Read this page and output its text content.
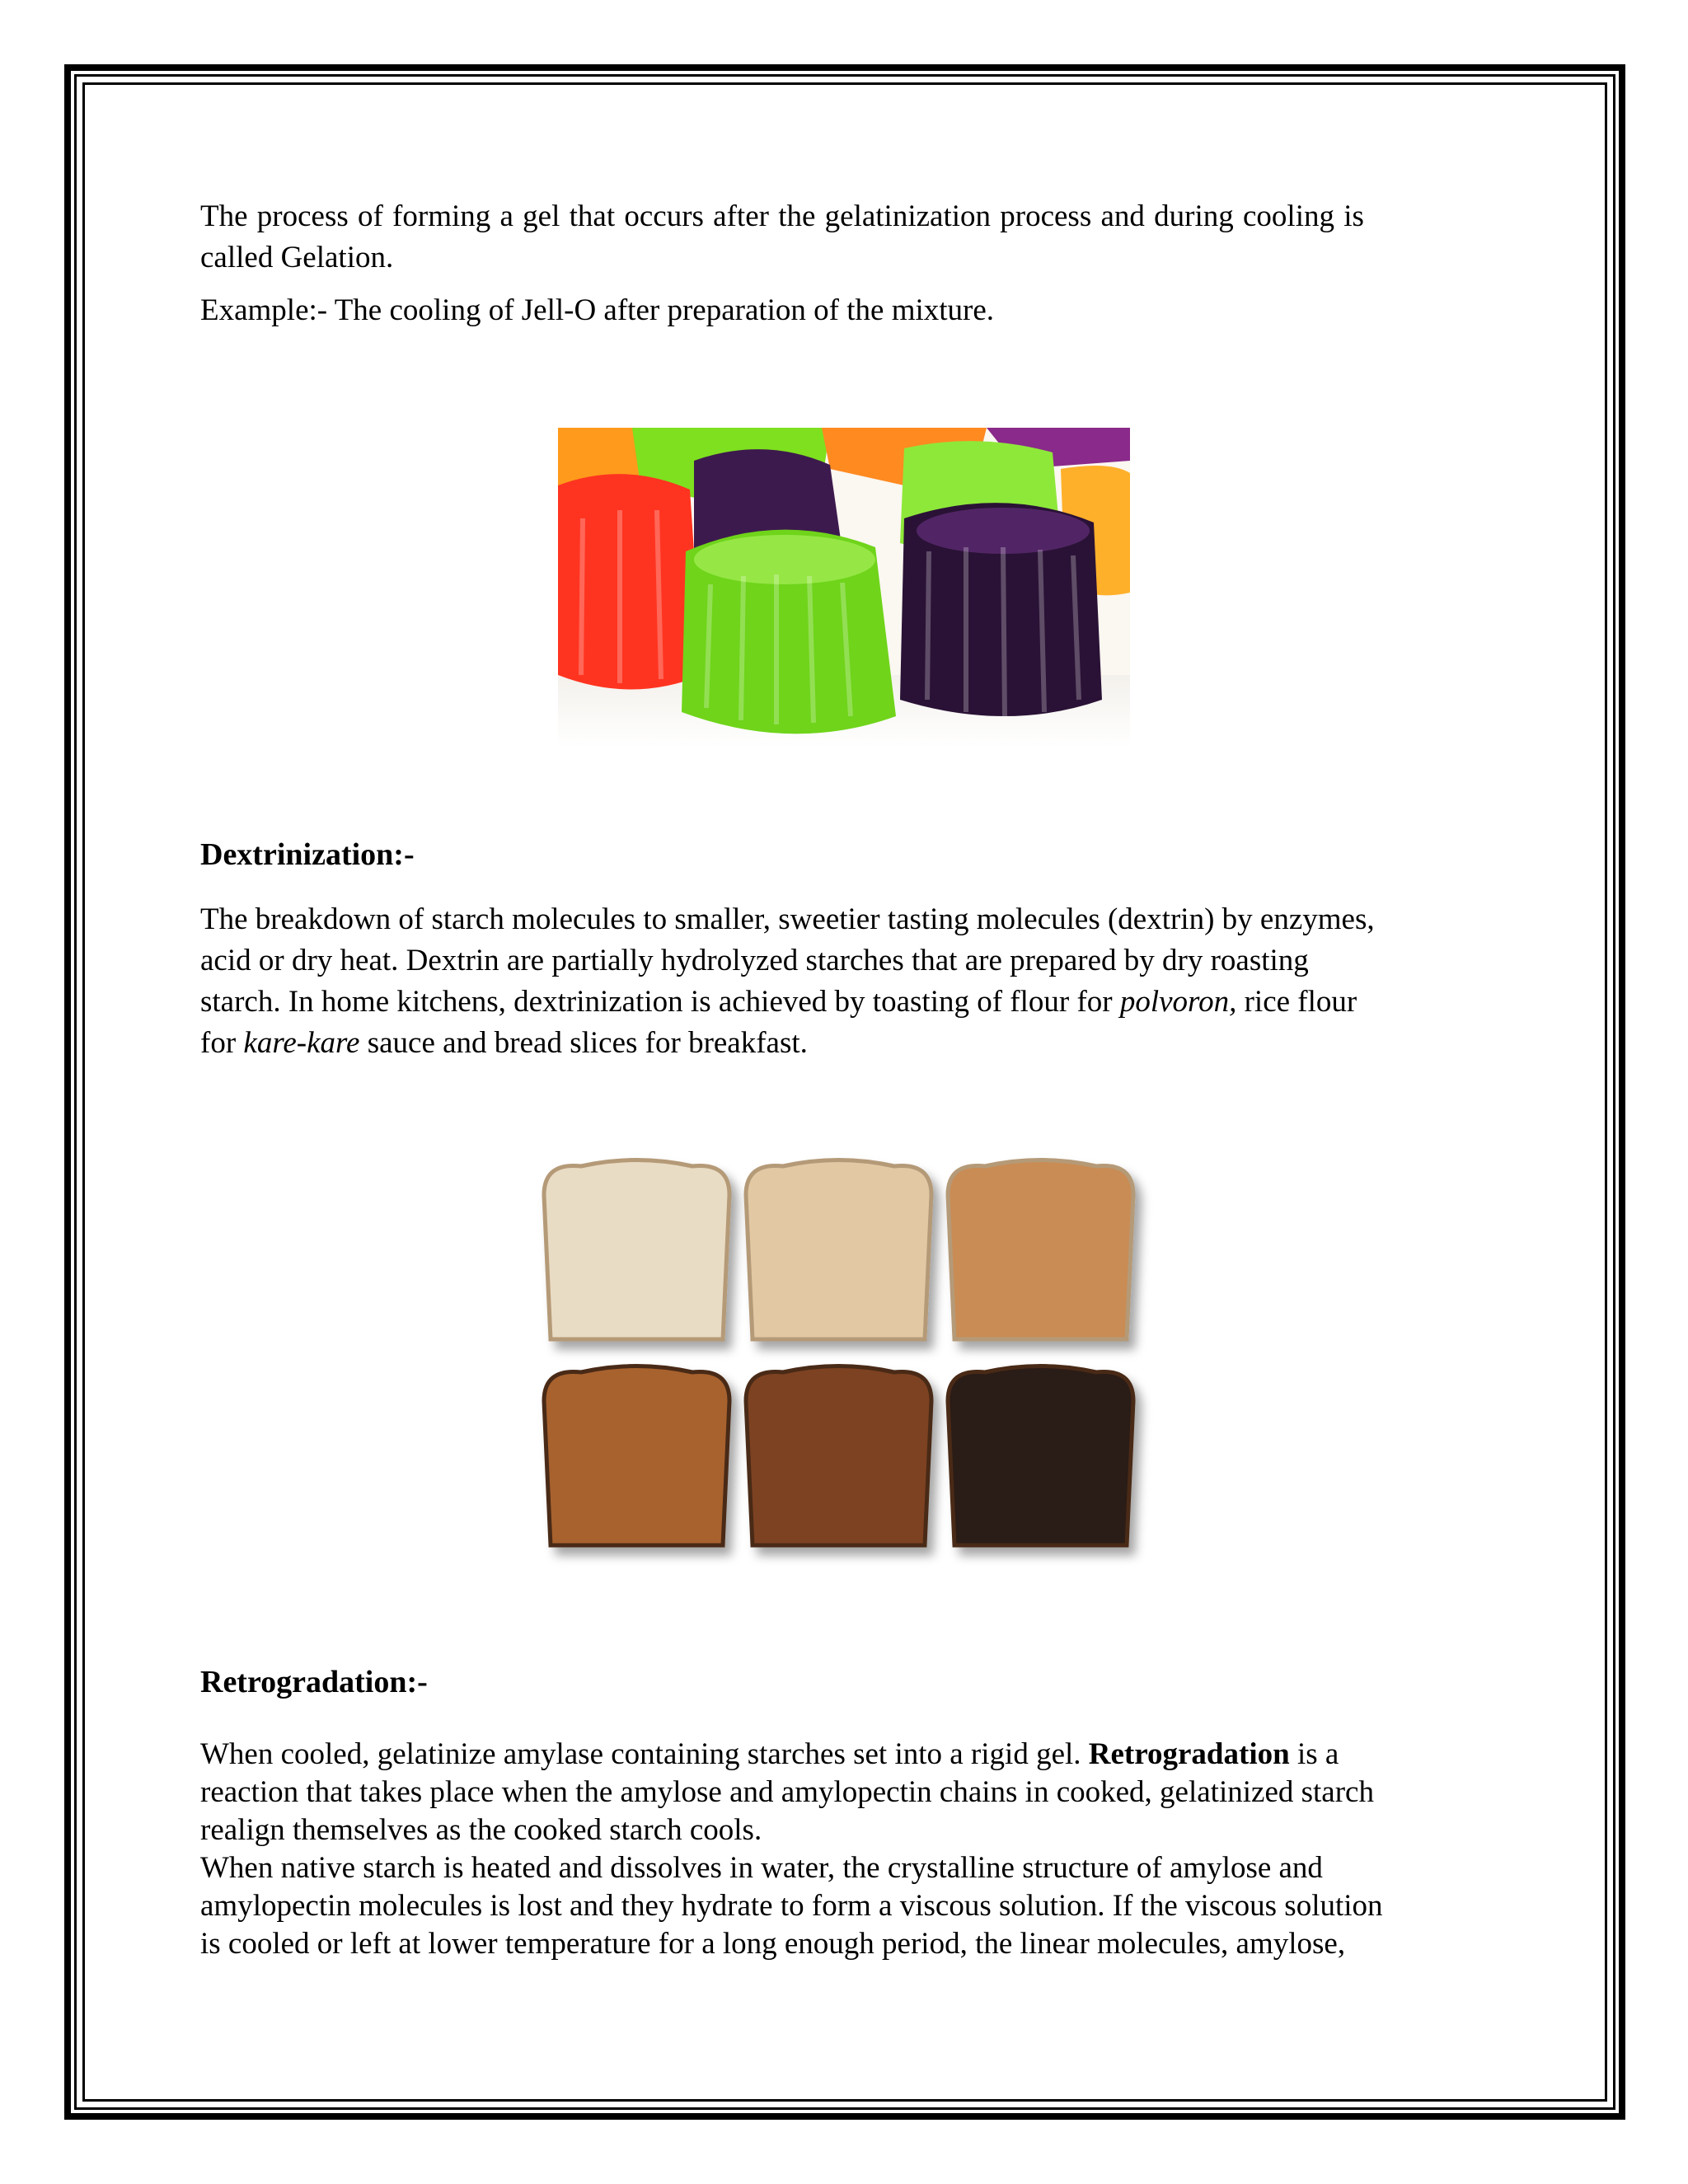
The process of forming a gel that occurs after the gelatinization process and during cooling is

called Gelation.

Example:- The cooling of Jell-O after preparation of the mixture.

Dextrinization:-

The breakdown of starch molecules to smaller, sweetier tasting molecules (dextrin) by enzymes,

acid or dry heat. Dextrin are partially hydrolyzed starches that are prepared by dry roasting

starch. In home kitchens, dextrinization is achieved by toasting of flour for polvoron, rice flour

for kare-kare sauce and bread slices for breakfast.

Retrogradation:-

When cooled, gelatinize amylase containing starches set into a rigid gel. Retrogradation is a

reaction that takes place when the amylose and amylopectin chains in cooked, gelatinized starch

realign themselves as the cooked starch cools.

When native starch is heated and dissolves in water, the crystalline structure of amylose and

amylopectin molecules is lost and they hydrate to form a viscous solution. If the viscous solution

is cooled or left at lower temperature for a long enough period, the linear molecules, amylose,
